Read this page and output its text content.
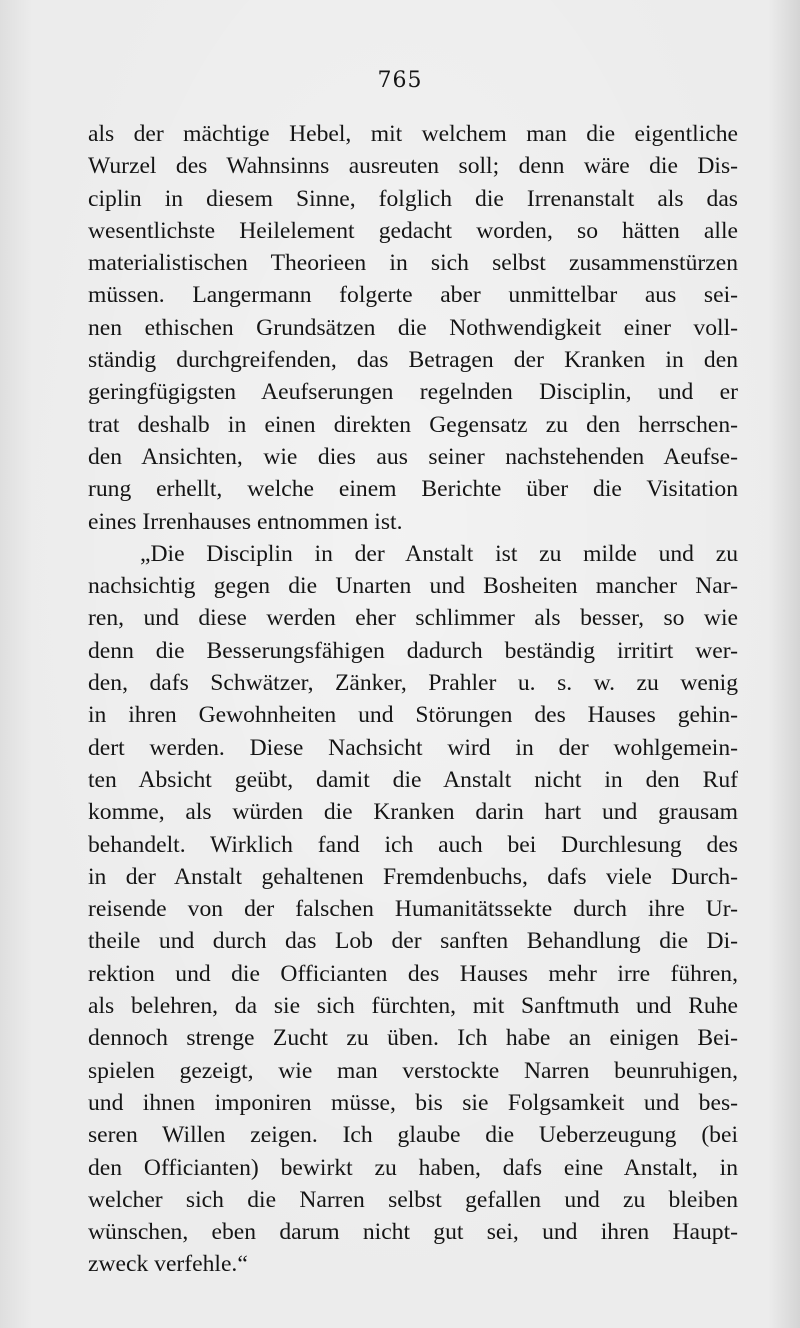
765
als der mächtige Hebel, mit welchem man die eigentliche
Wurzel des Wahnsinns ausreuten soll; denn wäre die Dis-
ciplin in diesem Sinne, folglich die Irrenanstalt als das
wesentlichste Heilelement gedacht worden, so hätten alle
materialistischen Theorieen in sich selbst zusammenstürzen
müssen. Langermann folgerte aber unmittelbar aus sei-
nen ethischen Grundsätzen die Nothwendigkeit einer voll-
ständig durchgreifenden, das Betragen der Kranken in den
geringfügigsten Aeufserungen regelnden Disciplin, und er
trat deshalb in einen direkten Gegensatz zu den herrschen-
den Ansichten, wie dies aus seiner nachstehenden Aeufse-
rung erhellt, welche einem Berichte über die Visitation
eines Irrenhauses entnommen ist.
„Die Disciplin in der Anstalt ist zu milde und zu
nachsichtig gegen die Unarten und Bosheiten mancher Nar-
ren, und diese werden eher schlimmer als besser, so wie
denn die Besserungsfähigen dadurch beständig irritirt wer-
den, dafs Schwätzer, Zänker, Prahler u. s. w. zu wenig
in ihren Gewohnheiten und Störungen des Hauses gehin-
dert werden. Diese Nachsicht wird in der wohlgemein-
ten Absicht geübt, damit die Anstalt nicht in den Ruf
komme, als würden die Kranken darin hart und grausam
behandelt. Wirklich fand ich auch bei Durchlesung des
in der Anstalt gehaltenen Fremdenbuchs, dafs viele Durch-
reisende von der falschen Humanitätssekte durch ihre Ur-
theile und durch das Lob der sanften Behandlung die Di-
rektion und die Officianten des Hauses mehr irre führen,
als belehren, da sie sich fürchten, mit Sanftmuth und Ruhe
dennoch strenge Zucht zu üben. Ich habe an einigen Bei-
spielen gezeigt, wie man verstockte Narren beunruhigen,
und ihnen imponiren müsse, bis sie Folgsamkeit und bes-
seren Willen zeigen. Ich glaube die Ueberzeugung (bei
den Officianten) bewirkt zu haben, dafs eine Anstalt, in
welcher sich die Narren selbst gefallen und zu bleiben
wünschen, eben darum nicht gut sei, und ihren Haupt-
zweck verfehle.“
